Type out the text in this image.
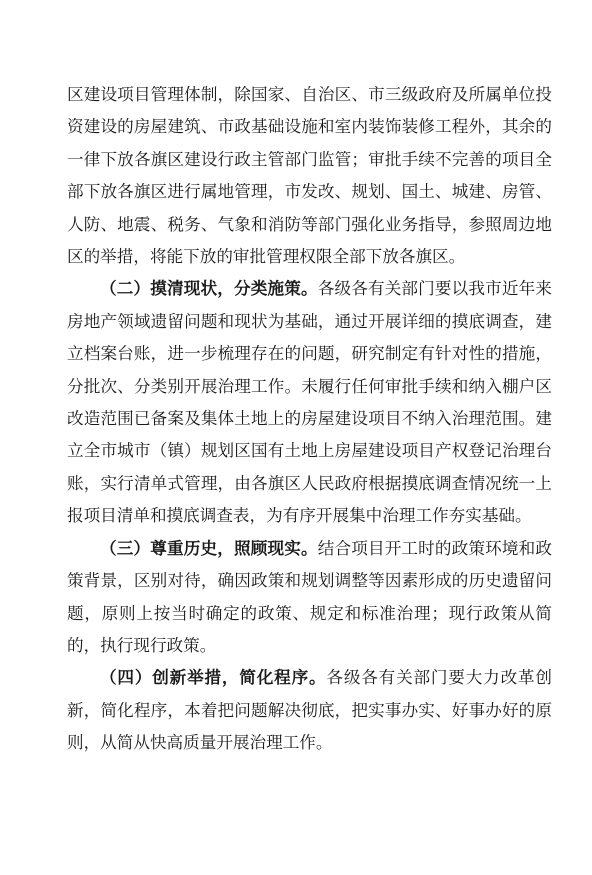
区建设项目管理体制，除国家、自治区、市三级政府及所属单位投资建设的房屋建筑、市政基础设施和室内装饰装修工程外，其余的一律下放各旗区建设行政主管部门监管；审批手续不完善的项目全部下放各旗区进行属地管理，市发改、规划、国土、城建、房管、人防、地震、税务、气象和消防等部门强化业务指导，参照周边地区的举措，将能下放的审批管理权限全部下放各旗区。

（二）摸清现状，分类施策。各级各有关部门要以我市近年来房地产领域遗留问题和现状为基础，通过开展详细的摸底调查，建立档案台账，进一步梳理存在的问题，研究制定有针对性的措施，分批次、分类别开展治理工作。未履行任何审批手续和纳入棚户区改造范围已备案及集体土地上的房屋建设项目不纳入治理范围。建立全市城市（镇）规划区国有土地上房屋建设项目产权登记治理台账，实行清单式管理，由各旗区人民政府根据摸底调查情况统一上报项目清单和摸底调查表，为有序开展集中治理工作夯实基础。

（三）尊重历史，照顾现实。结合项目开工时的政策环境和政策背景，区别对待，确因政策和规划调整等因素形成的历史遗留问题，原则上按当时确定的政策、规定和标准治理；现行政策从简的，执行现行政策。

（四）创新举措，简化程序。各级各有关部门要大力改革创新，简化程序，本着把问题解决彻底，把实事办实、好事办好的原则，从简从快高质量开展治理工作。
